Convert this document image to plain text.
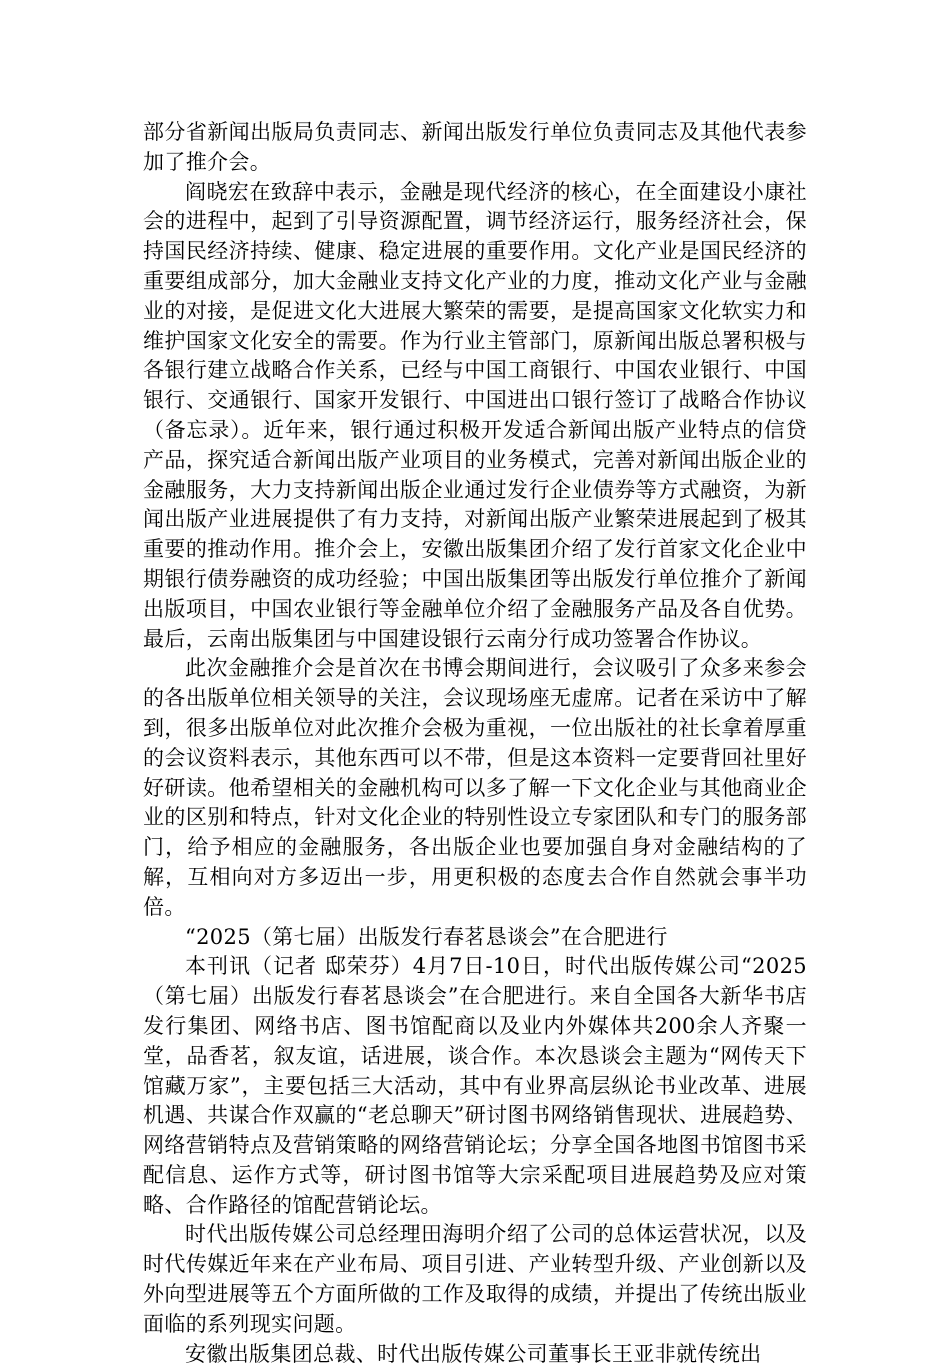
部分省新闻出版局负责同志、新闻出版发行单位负责同志及其他代表参加了推介会。

阎晓宏在致辞中表示，金融是现代经济的核心，在全面建设小康社会的进程中，起到了引导资源配置，调节经济运行，服务经济社会，保持国民经济持续、健康、稳定进展的重要作用。文化产业是国民经济的重要组成部分，加大金融业支持文化产业的力度，推动文化产业与金融业的对接，是促进文化大进展大繁荣的需要，是提高国家文化软实力和维护国家文化安全的需要。作为行业主管部门，原新闻出版总署积极与各银行建立战略合作关系，已经与中国工商银行、中国农业银行、中国银行、交通银行、国家开发银行、中国进出口银行签订了战略合作协议（备忘录）。近年来，银行通过积极开发适合新闻出版产业特点的信贷产品，探究适合新闻出版产业项目的业务模式，完善对新闻出版企业的金融服务，大力支持新闻出版企业通过发行企业债券等方式融资，为新闻出版产业进展提供了有力支持，对新闻出版产业繁荣进展起到了极其重要的推动作用。推介会上，安徽出版集团介绍了发行首家文化企业中期银行债券融资的成功经验；中国出版集团等出版发行单位推介了新闻出版项目，中国农业银行等金融单位介绍了金融服务产品及各自优势。最后，云南出版集团与中国建设银行云南分行成功签署合作协议。

此次金融推介会是首次在书博会期间进行，会议吸引了众多来参会的各出版单位相关领导的关注，会议现场座无虚席。记者在采访中了解到，很多出版单位对此次推介会极为重视，一位出版社的社长拿着厚重的会议资料表示，其他东西可以不带，但是这本资料一定要背回社里好好研读。他希望相关的金融机构可以多了解一下文化企业与其他商业企业的区别和特点，针对文化企业的特别性设立专家团队和专门的服务部门，给予相应的金融服务，各出版企业也要加强自身对金融结构的了解，互相向对方多迈出一步，用更积极的态度去合作自然就会事半功倍。

“2025（第七届）出版发行春茗恳谈会”在合肥进行

本刊讯（记者 邸荣芬）4月7日-10日，时代出版传媒公司“2025（第七届）出版发行春茗恳谈会”在合肥进行。来自全国各大新华书店发行集团、网络书店、图书馆配商以及业内外媒体共200余人齐聚一堂，品香茗，叙友谊，话进展，谈合作。本次恳谈会主题为“网传天下馆藏万家”，主要包括三大活动，其中有业界高层纵论书业改革、进展机遇、共谋合作双赢的“老总聊天”研讨图书网络销售现状、进展趋势、网络营销特点及营销策略的网络营销论坛；分享全国各地图书馆图书采配信息、运作方式等，研讨图书馆等大宗采配项目进展趋势及应对策略、合作路径的馆配营销论坛。

时代出版传媒公司总经理田海明介绍了公司的总体运营状况，以及时代传媒近年来在产业布局、项目引进、产业转型升级、产业创新以及外向型进展等五个方面所做的工作及取得的成绩，并提出了传统出版业面临的系列现实问题。

安徽出版集团总裁、时代出版传媒公司董事长王亚非就传统出
